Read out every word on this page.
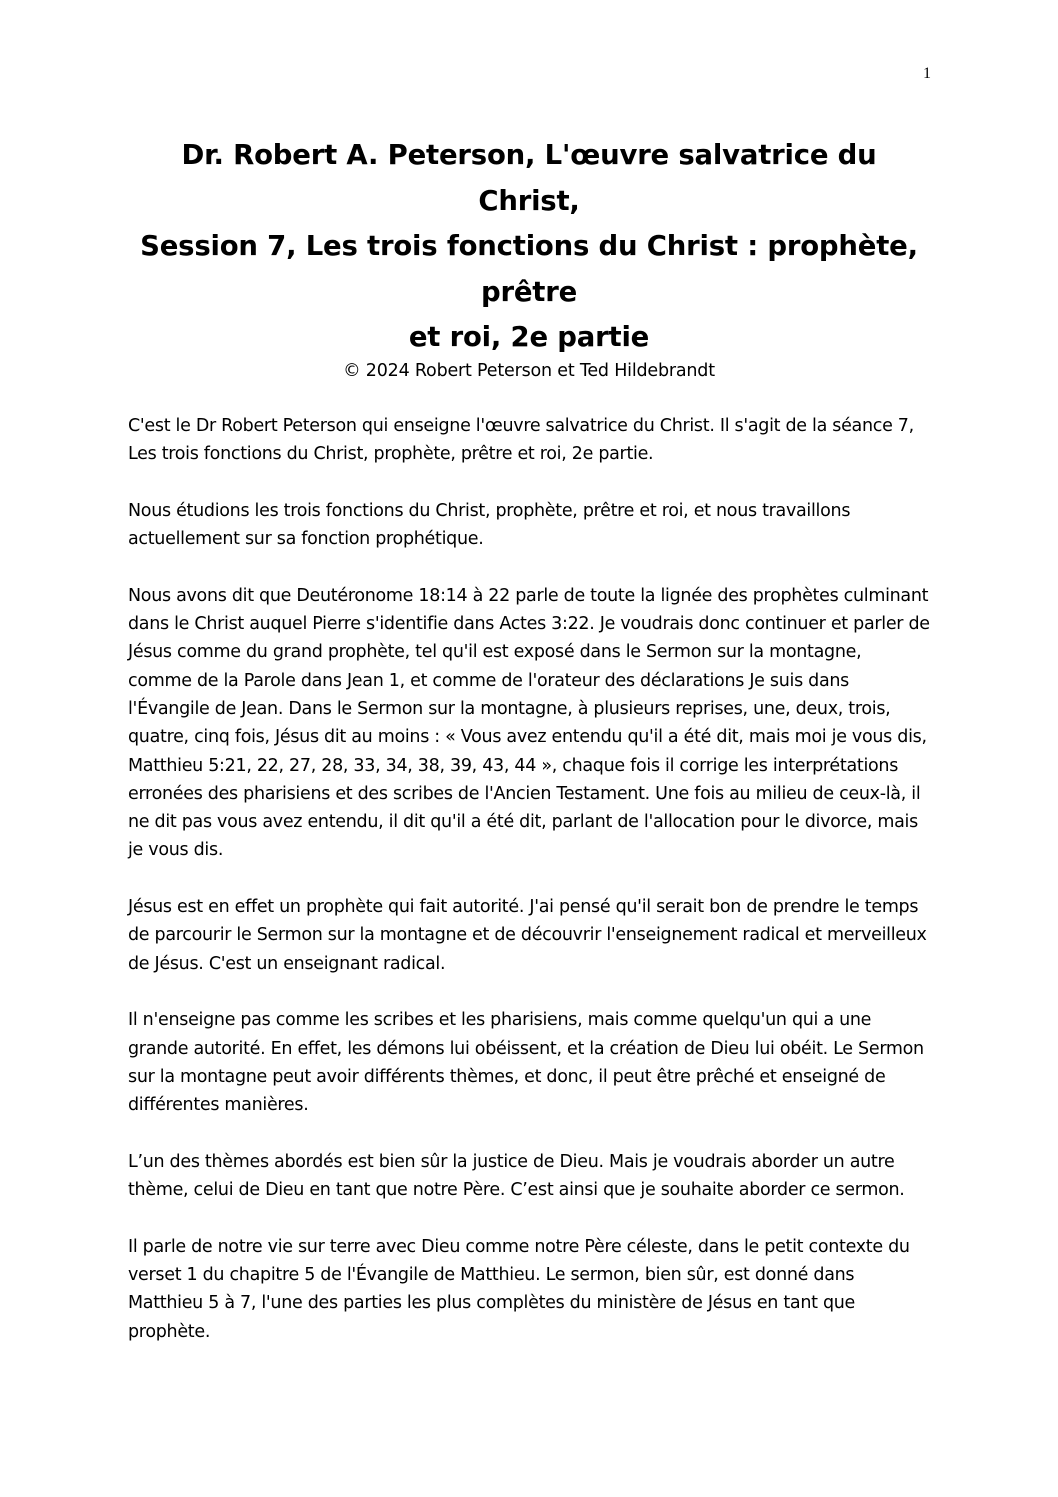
1
Dr. Robert A. Peterson, L'œuvre salvatrice du
Christ,
Session 7, Les trois fonctions du Christ : prophète,
prêtre
et roi, 2e partie
© 2024 Robert Peterson et Ted Hildebrandt

C'est le Dr Robert Peterson qui enseigne l'œuvre salvatrice du Christ. Il s'agit de la séance 7, Les trois fonctions du Christ, prophète, prêtre et roi, 2e partie.

Nous étudions les trois fonctions du Christ, prophète, prêtre et roi, et nous travaillons actuellement sur sa fonction prophétique.

Nous avons dit que Deutéronome 18:14 à 22 parle de toute la lignée des prophètes culminant dans le Christ auquel Pierre s'identifie dans Actes 3:22. Je voudrais donc continuer et parler de Jésus comme du grand prophète, tel qu'il est exposé dans le Sermon sur la montagne, comme de la Parole dans Jean 1, et comme de l'orateur des déclarations Je suis dans l'Évangile de Jean. Dans le Sermon sur la montagne, à plusieurs reprises, une, deux, trois, quatre, cinq fois, Jésus dit au moins : « Vous avez entendu qu'il a été dit, mais moi je vous dis, Matthieu 5:21, 22, 27, 28, 33, 34, 38, 39, 43, 44 », chaque fois il corrige les interprétations erronées des pharisiens et des scribes de l'Ancien Testament. Une fois au milieu de ceux-là, il ne dit pas vous avez entendu, il dit qu'il a été dit, parlant de l'allocation pour le divorce, mais je vous dis.

Jésus est en effet un prophète qui fait autorité. J'ai pensé qu'il serait bon de prendre le temps de parcourir le Sermon sur la montagne et de découvrir l'enseignement radical et merveilleux de Jésus. C'est un enseignant radical.

Il n'enseigne pas comme les scribes et les pharisiens, mais comme quelqu'un qui a une grande autorité. En effet, les démons lui obéissent, et la création de Dieu lui obéit. Le Sermon sur la montagne peut avoir différents thèmes, et donc, il peut être prêché et enseigné de différentes manières.

L’un des thèmes abordés est bien sûr la justice de Dieu. Mais je voudrais aborder un autre thème, celui de Dieu en tant que notre Père. C’est ainsi que je souhaite aborder ce sermon.

Il parle de notre vie sur terre avec Dieu comme notre Père céleste, dans le petit contexte du verset 1 du chapitre 5 de l'Évangile de Matthieu. Le sermon, bien sûr, est donné dans Matthieu 5 à 7, l'une des parties les plus complètes du ministère de Jésus en tant que prophète.
